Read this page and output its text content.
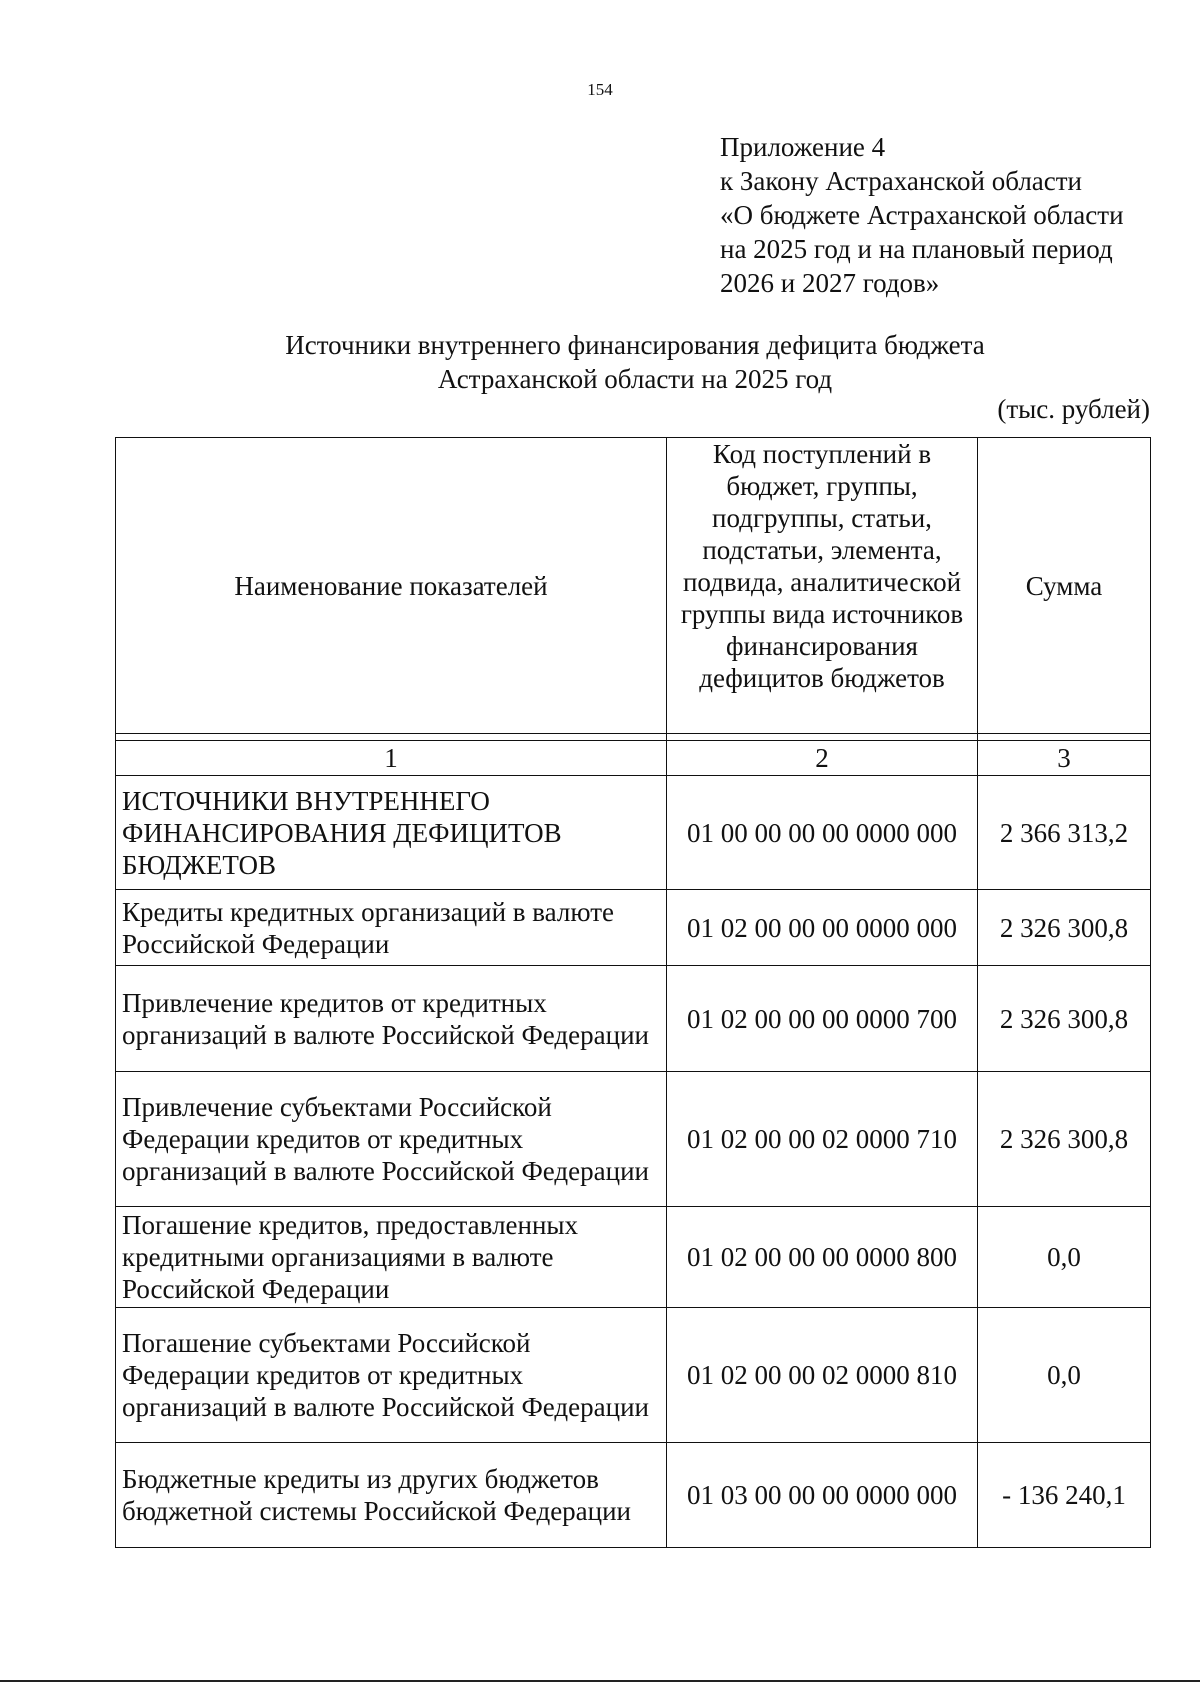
154
Приложение 4
к Закону Астраханской области
«О бюджете Астраханской области
на 2025 год и на плановый период
2026 и 2027 годов»
Источники внутреннего финансирования дефицита бюджета
Астраханской области на 2025 год
(тыс. рублей)
Наименование показателей	Код поступлений в бюджет, группы, подгруппы, статьи, подстатьи, элемента, подвида, аналитической группы вида источников финансирования дефицитов бюджетов	Сумма

1	2	3
ИСТОЧНИКИ ВНУТРЕННЕГО ФИНАНСИРОВАНИЯ ДЕФИЦИТОВ БЮДЖЕТОВ	01 00 00 00 00 0000 000	2 366 313,2
Кредиты кредитных организаций в валюте Российской Федерации	01 02 00 00 00 0000 000	2 326 300,8
Привлечение кредитов от кредитных организаций в валюте Российской Федерации	01 02 00 00 00 0000 700	2 326 300,8
Привлечение субъектами Российской Федерации кредитов от кредитных организаций в валюте Российской Федерации	01 02 00 00 02 0000 710	2 326 300,8
Погашение кредитов, предоставленных кредитными организациями в валюте Российской Федерации	01 02 00 00 00 0000 800	0,0
Погашение субъектами Российской Федерации кредитов от кредитных организаций в валюте Российской Федерации	01 02 00 00 02 0000 810	0,0
Бюджетные кредиты из других бюджетов бюджетной системы Российской Федерации	01 03 00 00 00 0000 000	- 136 240,1
